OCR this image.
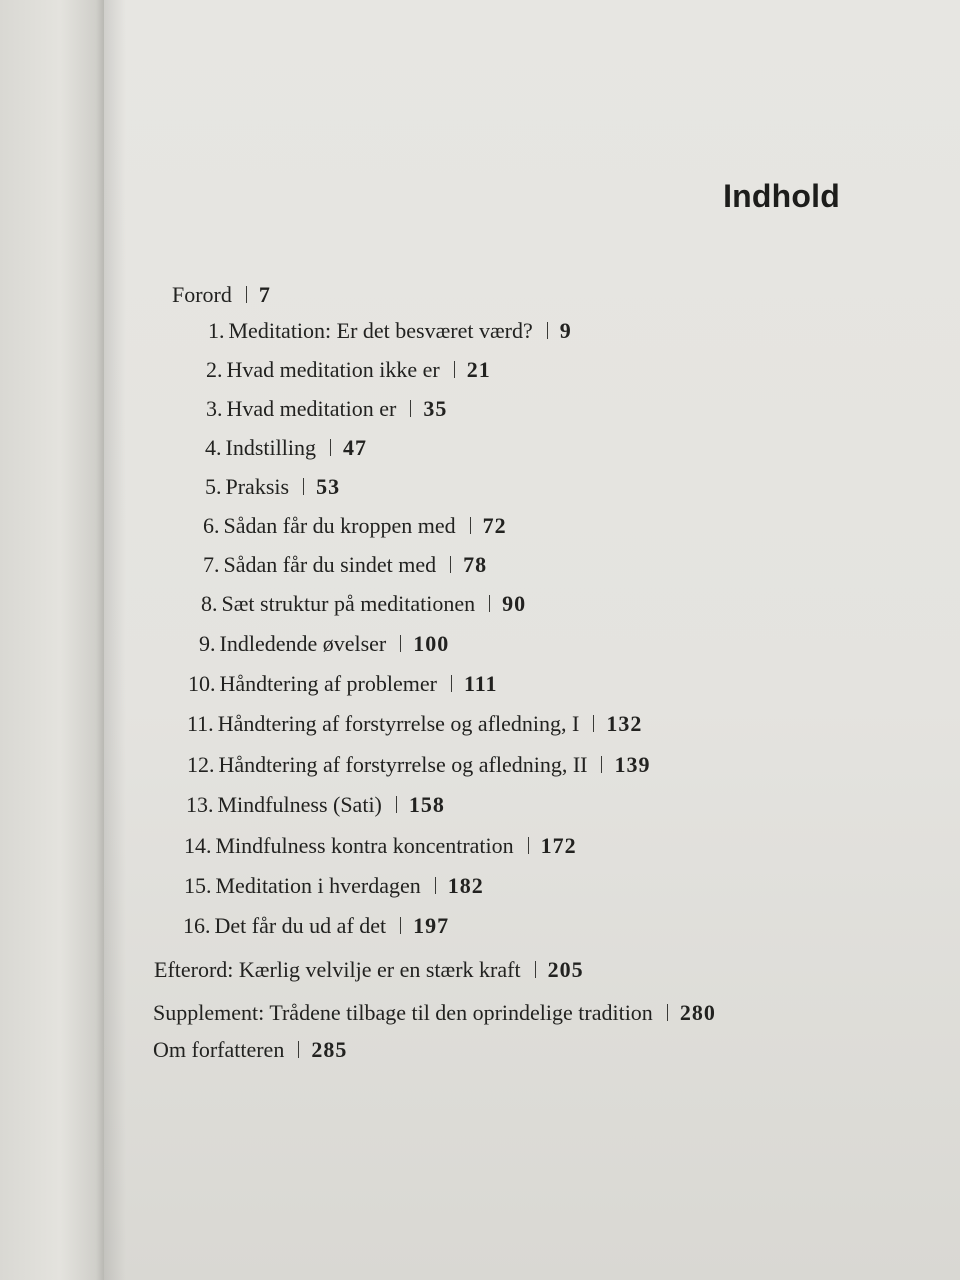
Indhold
Forord 7
1. Meditation: Er det besværet værd? 9
2. Hvad meditation ikke er 21
3. Hvad meditation er 35
4. Indstilling 47
5. Praksis 53
6. Sådan får du kroppen med 72
7. Sådan får du sindet med 78
8. Sæt struktur på meditationen 90
9. Indledende øvelser 100
10. Håndtering af problemer 111
11. Håndtering af forstyrrelse og afledning, I 132
12. Håndtering af forstyrrelse og afledning, II 139
13. Mindfulness (Sati) 158
14. Mindfulness kontra koncentration 172
15. Meditation i hverdagen 182
16. Det får du ud af det 197
Efterord: Kærlig velvilje er en stærk kraft 205
Supplement: Trådene tilbage til den oprindelige tradition 280
Om forfatteren 285
